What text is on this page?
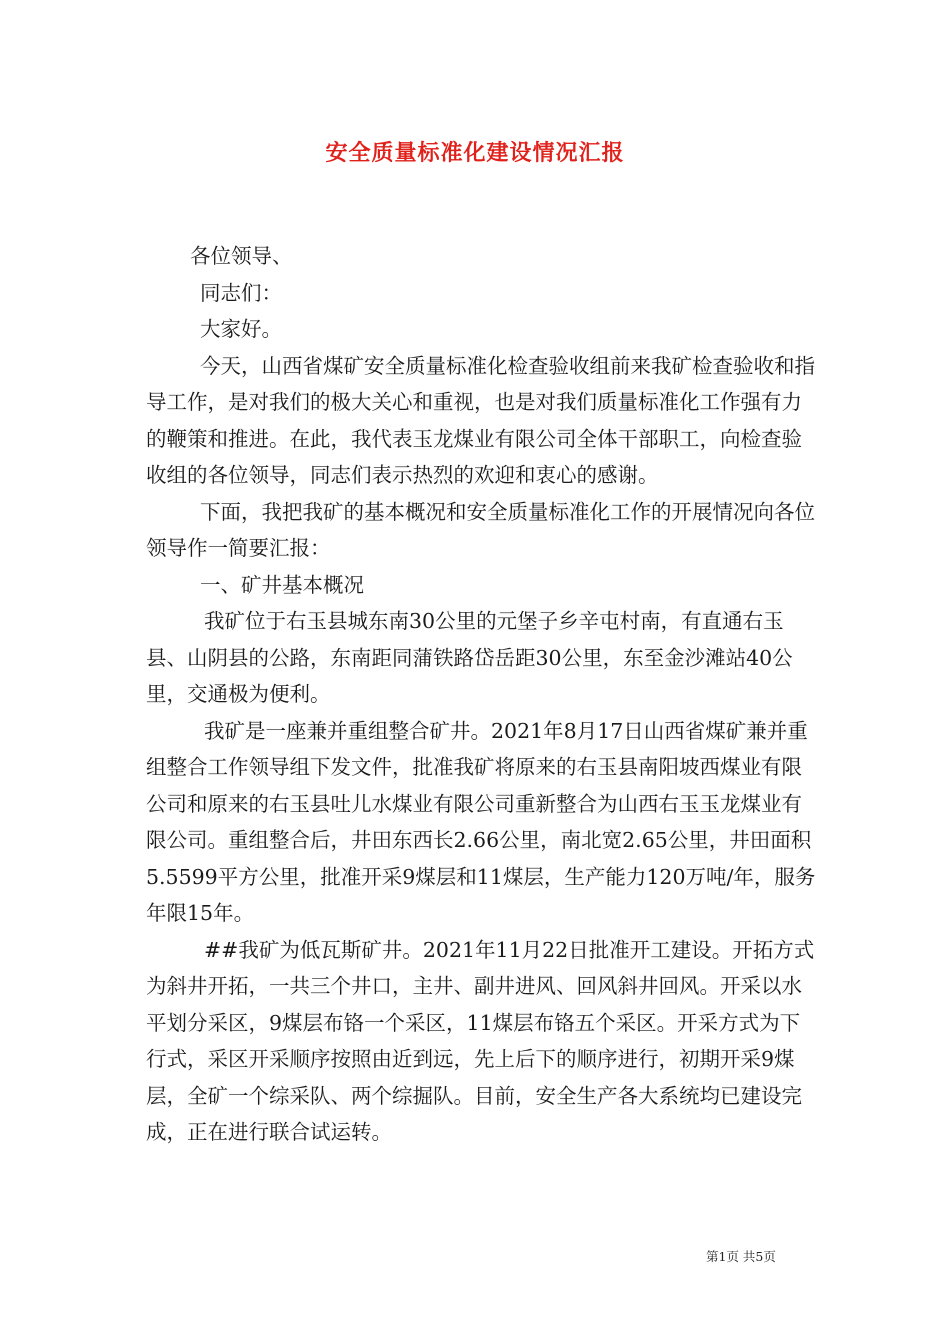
安全质量标准化建设情况汇报

各位领导、

同志们：

大家好。

今天，山西省煤矿安全质量标准化检查验收组前来我矿检查验收和指导工作，是对我们的极大关心和重视，也是对我们质量标准化工作强有力的鞭策和推进。在此，我代表玉龙煤业有限公司全体干部职工，向检查验收组的各位领导，同志们表示热烈的欢迎和衷心的感谢。

下面，我把我矿的基本概况和安全质量标准化工作的开展情况向各位领导作一简要汇报：

一、矿井基本概况

我矿位于右玉县城东南30公里的元堡子乡辛屯村南，有直通右玉县、山阴县的公路，东南距同蒲铁路岱岳距30公里，东至金沙滩站40公里，交通极为便利。

我矿是一座兼并重组整合矿井。2021年8月17日山西省煤矿兼并重组整合工作领导组下发文件，批准我矿将原来的右玉县南阳坡西煤业有限公司和原来的右玉县吐儿水煤业有限公司重新整合为山西右玉玉龙煤业有限公司。重组整合后，井田东西长2.66公里，南北宽2.65公里，井田面积5.5599平方公里，批准开采9煤层和11煤层，生产能力120万吨/年，服务年限15年。

##我矿为低瓦斯矿井。2021年11月22日批准开工建设。开拓方式为斜井开拓，一共三个井口，主井、副井进风、回风斜井回风。开采以水平划分采区，9煤层布铬一个采区，11煤层布铬五个采区。开采方式为下行式，采区开采顺序按照由近到远，先上后下的顺序进行，初期开采9煤层，全矿一个综采队、两个综掘队。目前，安全生产各大系统均已建设完成，正在进行联合试运转。

第1页 共5页
